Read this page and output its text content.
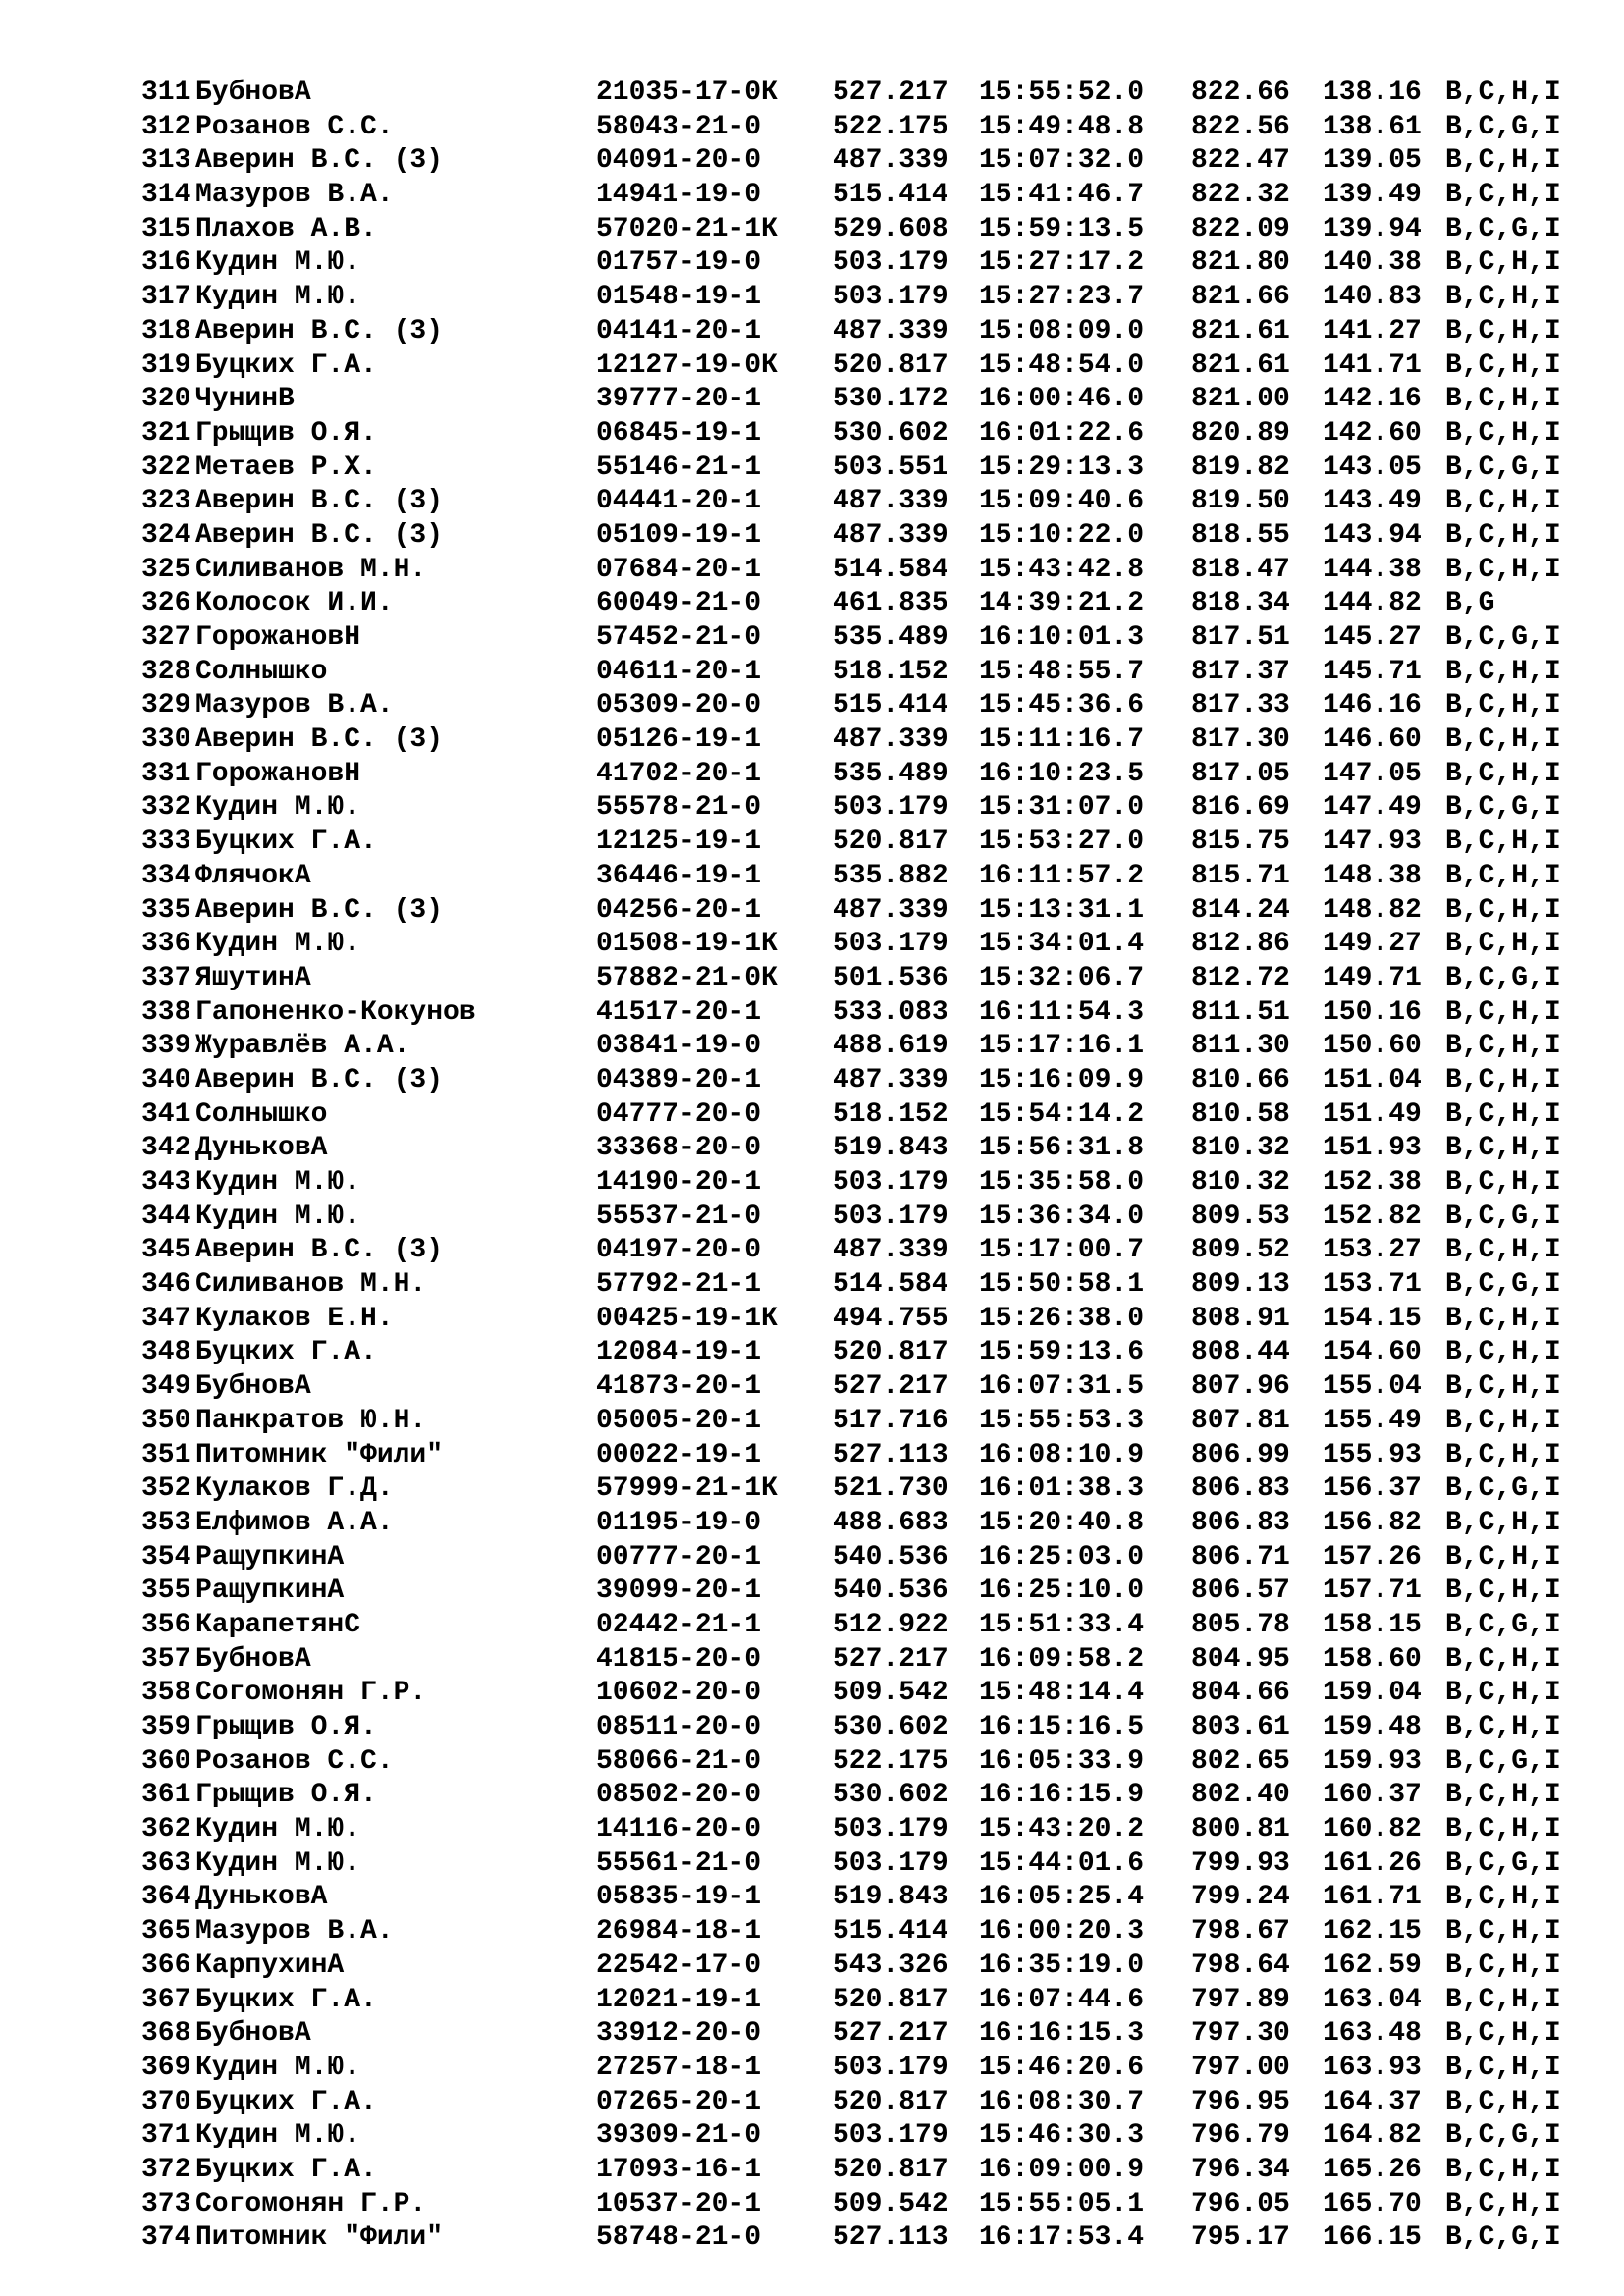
311 БубновА	21035-17-0К 527.217 15:55:52.0 822.66 138.16 B,C,H,I
312 Розанов С.С.	58043-21-0	522.175 15:49:48.8 822.56 138.61 B,C,G,I
313 Аверин В.С. (3)	04091-20-0	487.339 15:07:32.0 822.47 139.05 B,C,H,I
314 Мазуров В.А.	14941-19-0	515.414 15:41:46.7 822.32 139.49 B,C,H,I
315 Плахов А.В.	57020-21-1К 529.608 15:59:13.5 822.09 139.94 B,C,G,I
316 Кудин М.Ю.	01757-19-0	503.179 15:27:17.2 821.80 140.38 B,C,H,I
317 Кудин М.Ю.	01548-19-1	503.179 15:27:23.7 821.66 140.83 B,C,H,I
318 Аверин В.С. (3)	04141-20-1	487.339 15:08:09.0 821.61 141.27 B,C,H,I
319 Буцких Г.А.	12127-19-0К 520.817 15:48:54.0 821.61 141.71 B,C,H,I
320 ЧунинВ	39777-20-1	530.172 16:00:46.0 821.00 142.16 B,C,H,I
321 Грыщив О.Я.	06845-19-1	530.602 16:01:22.6 820.89 142.60 B,C,H,I
322 Метаев Р.Х.	55146-21-1	503.551 15:29:13.3 819.82 143.05 B,C,G,I
323 Аверин В.С. (3)	04441-20-1	487.339 15:09:40.6 819.50 143.49 B,C,H,I
324 Аверин В.С. (3)	05109-19-1	487.339 15:10:22.0 818.55 143.94 B,C,H,I
325 Силиванов М.Н.	07684-20-1	514.584 15:43:42.8 818.47 144.38 B,C,H,I
326 Колосок И.И.	60049-21-0	461.835 14:39:21.2 818.34 144.82 B,G
327 ГорожановН	57452-21-0	535.489 16:10:01.3 817.51 145.27 B,C,G,I
328 Солнышко	04611-20-1	518.152 15:48:55.7 817.37 145.71 B,C,H,I
329 Мазуров В.А.	05309-20-0	515.414 15:45:36.6 817.33 146.16 B,C,H,I
330 Аверин В.С. (3)	05126-19-1	487.339 15:11:16.7 817.30 146.60 B,C,H,I
331 ГорожановН	41702-20-1	535.489 16:10:23.5 817.05 147.05 B,C,H,I
332 Кудин М.Ю.	55578-21-0	503.179 15:31:07.0 816.69 147.49 B,C,G,I
333 Буцких Г.А.	12125-19-1	520.817 15:53:27.0 815.75 147.93 B,C,H,I
334 ФлячокА	36446-19-1	535.882 16:11:57.2 815.71 148.38 B,C,H,I
335 Аверин В.С. (3)	04256-20-1	487.339 15:13:31.1 814.24 148.82 B,C,H,I
336 Кудин М.Ю.	01508-19-1К 503.179 15:34:01.4 812.86 149.27 B,C,H,I
337 ЯшутинА	57882-21-0К 501.536 15:32:06.7 812.72 149.71 B,C,G,I
338 Гапоненко-Кокунов	41517-20-1	533.083 16:11:54.3 811.51 150.16 B,C,H,I
339 Журавлёв А.А.	03841-19-0	488.619 15:17:16.1 811.30 150.60 B,C,H,I
340 Аверин В.С. (3)	04389-20-1	487.339 15:16:09.9 810.66 151.04 B,C,H,I
341 Солнышко	04777-20-0	518.152 15:54:14.2 810.58 151.49 B,C,H,I
342 ДуньковА	33368-20-0	519.843 15:56:31.8 810.32 151.93 B,C,H,I
343 Кудин М.Ю.	14190-20-1	503.179 15:35:58.0 810.32 152.38 B,C,H,I
344 Кудин М.Ю.	55537-21-0	503.179 15:36:34.0 809.53 152.82 B,C,G,I
345 Аверин В.С. (3)	04197-20-0	487.339 15:17:00.7 809.52 153.27 B,C,H,I
346 Силиванов М.Н.	57792-21-1	514.584 15:50:58.1 809.13 153.71 B,C,G,I
347 Кулаков Е.Н.	00425-19-1К 494.755 15:26:38.0 808.91 154.15 B,C,H,I
348 Буцких Г.А.	12084-19-1	520.817 15:59:13.6 808.44 154.60 B,C,H,I
349 БубновА	41873-20-1	527.217 16:07:31.5 807.96 155.04 B,C,H,I
350 Панкратов Ю.Н.	05005-20-1	517.716 15:55:53.3 807.81 155.49 B,C,H,I
351 Питомник "Фили"	00022-19-1	527.113 16:08:10.9 806.99 155.93 B,C,H,I
352 Кулаков Г.Д.	57999-21-1К 521.730 16:01:38.3 806.83 156.37 B,C,G,I
353 Елфимов А.А.	01195-19-0	488.683 15:20:40.8 806.83 156.82 B,C,H,I
354 РащупкинА	00777-20-1	540.536 16:25:03.0 806.71 157.26 B,C,H,I
355 РащупкинА	39099-20-1	540.536 16:25:10.0 806.57 157.71 B,C,H,I
356 КарапетянС	02442-21-1	512.922 15:51:33.4 805.78 158.15 B,C,G,I
357 БубновА	41815-20-0	527.217 16:09:58.2 804.95 158.60 B,C,H,I
358 Согомонян Г.Р.	10602-20-0	509.542 15:48:14.4 804.66 159.04 B,C,H,I
359 Грыщив О.Я.	08511-20-0	530.602 16:15:16.5 803.61 159.48 B,C,H,I
360 Розанов С.С.	58066-21-0	522.175 16:05:33.9 802.65 159.93 B,C,G,I
361 Грыщив О.Я.	08502-20-0	530.602 16:16:15.9 802.40 160.37 B,C,H,I
362 Кудин М.Ю.	14116-20-0	503.179 15:43:20.2 800.81 160.82 B,C,H,I
363 Кудин М.Ю.	55561-21-0	503.179 15:44:01.6 799.93 161.26 B,C,G,I
364 ДуньковА	05835-19-1	519.843 16:05:25.4 799.24 161.71 B,C,H,I
365 Мазуров В.А.	26984-18-1	515.414 16:00:20.3 798.67 162.15 B,C,H,I
366 КарпухинА	22542-17-0	543.326 16:35:19.0 798.64 162.59 B,C,H,I
367 Буцких Г.А.	12021-19-1	520.817 16:07:44.6 797.89 163.04 B,C,H,I
368 БубновА	33912-20-0	527.217 16:16:15.3 797.30 163.48 B,C,H,I
369 Кудин М.Ю.	27257-18-1	503.179 15:46:20.6 797.00 163.93 B,C,H,I
370 Буцких Г.А.	07265-20-1	520.817 16:08:30.7 796.95 164.37 B,C,H,I
371 Кудин М.Ю.	39309-21-0	503.179 15:46:30.3 796.79 164.82 B,C,G,I
372 Буцких Г.А.	17093-16-1	520.817 16:09:00.9 796.34 165.26 B,C,H,I
373 Согомонян Г.Р.	10537-20-1	509.542 15:55:05.1 796.05 165.70 B,C,H,I
374 Питомник "Фили"	58748-21-0	527.113 16:17:53.4 795.17 166.15 B,C,G,I
